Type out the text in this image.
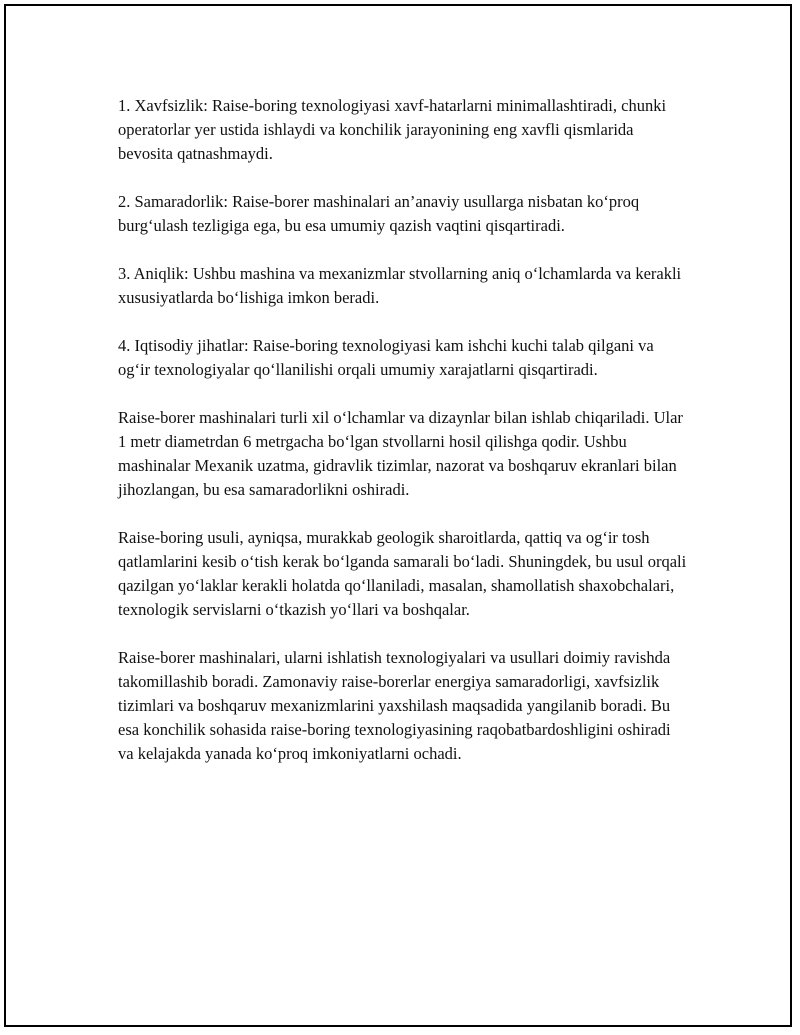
1. Xavfsizlik: Raise-boring texnologiyasi xavf-hatarlarni minimallashtiradi, chunki operatorlar yer ustida ishlaydi va konchilik jarayonining eng xavfli qismlarida bevosita qatnashmaydi.

2. Samaradorlik: Raise-borer mashinalari an’anaviy usullarga nisbatan ko‘proq burg‘ulash tezligiga ega, bu esa umumiy qazish vaqtini qisqartiradi.

3. Aniqlik: Ushbu mashina va mexanizmlar stvollarning aniq o‘lchamlarda va kerakli xususiyatlarda bo‘lishiga imkon beradi.

4. Iqtisodiy jihatlar: Raise-boring texnologiyasi kam ishchi kuchi talab qilgani va og‘ir texnologiyalar qo‘llanilishi orqali umumiy xarajatlarni qisqartiradi.

Raise-borer mashinalari turli xil o‘lchamlar va dizaynlar bilan ishlab chiqariladi. Ular 1 metr diametrdan 6 metrgacha bo‘lgan stvollarni hosil qilishga qodir. Ushbu mashinalar Mexanik uzatma, gidravlik tizimlar, nazorat va boshqaruv ekranlari bilan jihozlangan, bu esa samaradorlikni oshiradi.

Raise-boring usuli, ayniqsa, murakkab geologik sharoitlarda, qattiq va og‘ir tosh qatlamlarini kesib o‘tish kerak bo‘lganda samarali bo‘ladi. Shuningdek, bu usul orqali qazilgan yo‘laklar kerakli holatda qo‘llaniladi, masalan, shamollatish shaxobchalari, texnologik servislarni o‘tkazish yo‘llari va boshqalar.

Raise-borer mashinalari, ularni ishlatish texnologiyalari va usullari doimiy ravishda takomillashib boradi. Zamonaviy raise-borerlar energiya samaradorligi, xavfsizlik tizimlari va boshqaruv mexanizmlarini yaxshilash maqsadida yangilanib boradi. Bu esa konchilik sohasida raise-boring texnologiyasining raqobatbardoshligini oshiradi va kelajakda yanada ko‘proq imkoniyatlarni ochadi.
